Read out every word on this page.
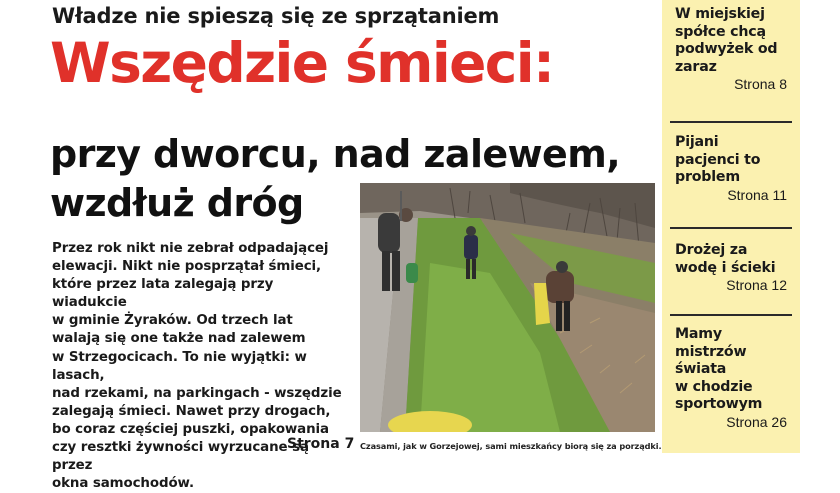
Władze nie spieszą się ze sprzątaniem
Wszędzie śmieci:
przy dworcu, nad zalewem,
wzdłuż dróg
Przez rok nikt nie zebrał odpadającej
elewacji. Nikt nie posprzątał śmieci,
które przez lata zalegają przy wiadukcie
w gminie Żyraków. Od trzech lat
walają się one także nad zalewem
w Strzegocicach. To nie wyjątki: w lasach,
nad rzekami, na parkingach - wszędzie
zalegają śmieci. Nawet przy drogach,
bo coraz częściej puszki, opakowania
czy resztki żywności wyrzucane są przez
okna samochodów.
Strona 7 Czasami, jak w Gorzejowej, sami mieszkańcy biorą się za porządki.
W miejskiej
spółce chcą
podwyżek od
zaraz
Strona 8
Pijani
pacjenci to
problem
Strona 11
Drożej za
wodę i ścieki
Strona 12
Mamy
mistrzów
świata
w chodzie
sportowym
Strona 26
